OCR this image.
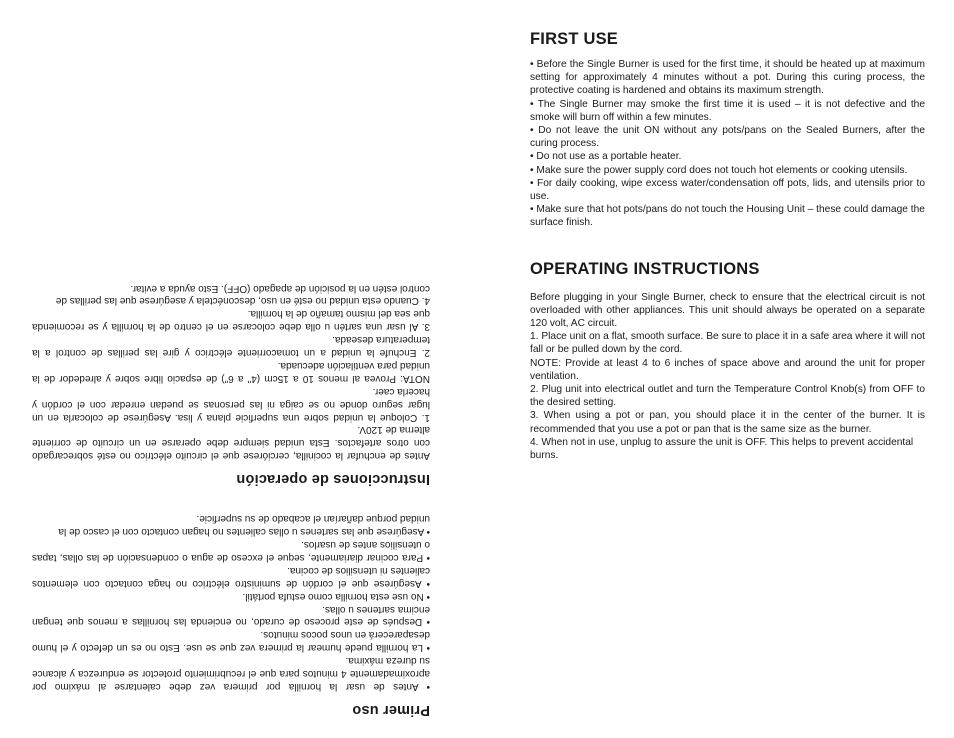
Primer uso

• Antes de usar la hornilla por primera vez debe calentarse al máximo por aproximadamente 4 minutos para que el recubrimiento protector se endurezca y alcance su dureza máxima.

• La hornilla puede humear la primera vez que se use. Esto no es un defecto y el humo desaparecerá en unos pocos minutos.

• Después de este proceso de curado, no encienda las hornillas a menos que tengan encima sartenes u ollas.

• No use esta hornilla como estufa portátil.

• Asegúrese que el cordón de suministro eléctrico no haga contacto con elementos calientes ni utensilios de cocina.

• Para cocinar diariamente, seque el exceso de agua o condensación de las ollas, tapas o utensilios antes de usarlos.

• Asegúrese que las sartenes u ollas calientes no hagan contacto con el casco de la unidad porque dañarían el acabado de su superficie.

Instrucciones de operación

Antes de enchufar la cocinilla, cerciórese que el circuito eléctrico no esté sobrecargado con otros artefactos. Esta unidad siempre debe operarse en un circuito de corriente alterna de 120V.

1. Coloque la unidad sobre una superficie plana y lisa. Asegúrese de colocarla en un lugar seguro donde no se caiga ni las personas se puedan enredar con el cordón y hacerla caer.

NOTA: Provea al menos 10 a 15cm (4" a 6") de espacio libre sobre y alrededor de la unidad para ventilación adecuada.

2. Enchufe la unidad a un tomacorriente eléctrico y gire las perillas de control a la temperatura deseada.

3. Al usar una sartén u olla debe colocarse en el centro de la hornilla y se recomienda que sea del mismo tamaño de la hornilla.

4. Cuando esta unidad no esté en uso, desconéctela y asegúrese que las perillas de control estén en la posición de apagado (OFF). Esto ayuda a evitar.

FIRST USE

• Before the Single Burner is used for the first time, it should be heated up at maximum setting for approximately 4 minutes without a pot. During this curing process, the protective coating is hardened and obtains its maximum strength.

• The Single Burner may smoke the first time it is used – it is not defective and the smoke will burn off within a few minutes.

• Do not leave the unit ON without any pots/pans on the Sealed Burners, after the curing process.

• Do not use as a portable heater.

• Make sure the power supply cord does not touch hot elements or cooking utensils.

• For daily cooking, wipe excess water/condensation off pots, lids, and utensils prior to use.

• Make sure that hot pots/pans do not touch the Housing Unit – these could damage the surface finish.

OPERATING INSTRUCTIONS

Before plugging in your Single Burner, check to ensure that the electrical circuit is not overloaded with other appliances. This unit should always be operated on a separate 120 volt, AC circuit.

1. Place unit on a flat, smooth surface. Be sure to place it in a safe area where it will not fall or be pulled down by the cord.

NOTE: Provide at least 4 to 6 inches of space above and around the unit for proper ventilation.

2. Plug unit into electrical outlet and turn the Temperature Control Knob(s) from OFF to the desired setting.

3. When using a pot or pan, you should place it in the center of the burner. It is recommended that you use a pot or pan that is the same size as the burner.

4. When not in use, unplug to assure the unit is OFF. This helps to prevent accidental burns.
